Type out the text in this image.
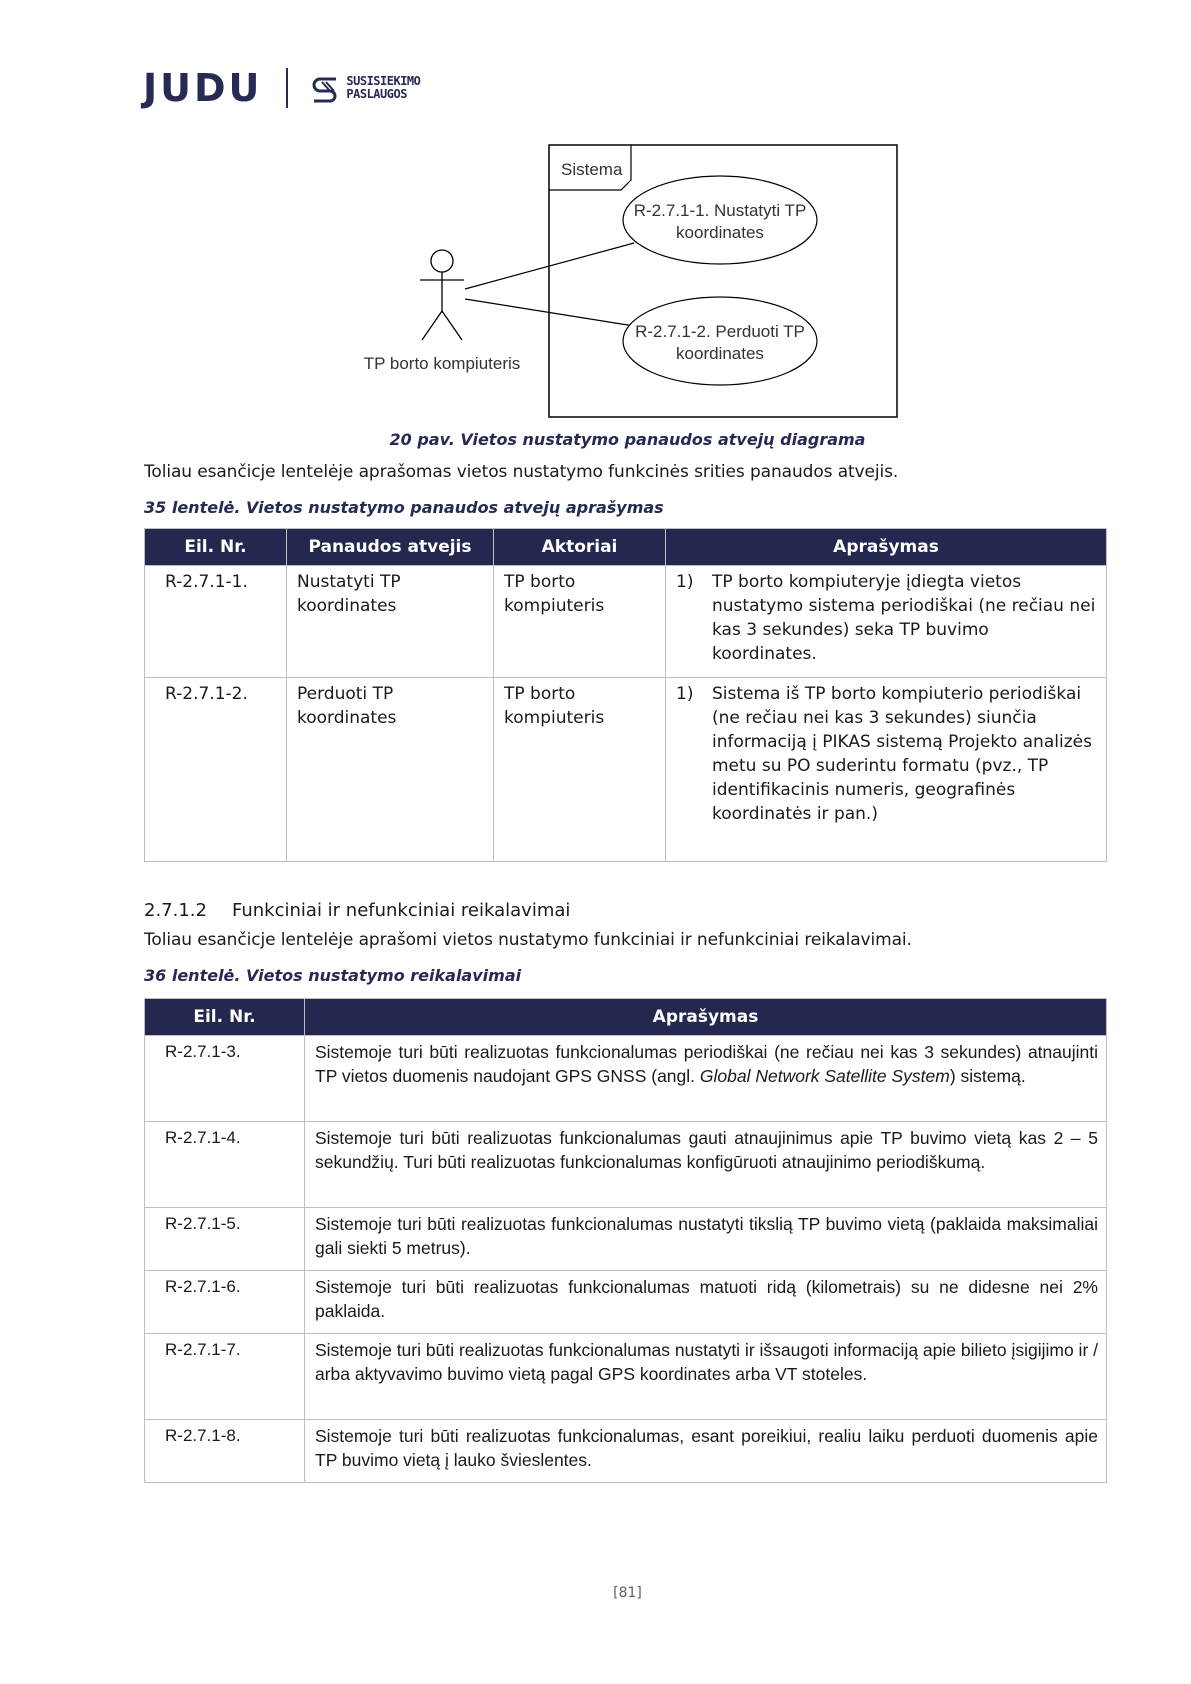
JUDU	SUSISIEKIMO
PASLAUGOS
Sistema
TP borto kompiuteris
R-2.7.1-1. Nustatyti TP
koordinates
R-2.7.1-2. Perduoti TP
koordinates
20 pav. Vietos nustatymo panaudos atvejų diagrama
Toliau esančicje lentelėje aprašomas vietos nustatymo funkcinės srities panaudos atvejis.
35 lentelė. Vietos nustatymo panaudos atvejų aprašymas
Eil. Nr.	Panaudos atvejis	Aktoriai	Aprašymas
R-2.7.1-1.	Nustatyti TP koordinates	TP borto kompiuteris	1) TP borto kompiuteryje įdiegta vietos nustatymo sistema periodiškai (ne rečiau nei kas 3 sekundes) seka TP buvimo koordinates.

R-2.7.1-2.	Perduoti TP koordinates	TP borto kompiuteris	1) Sistema iš TP borto kompiuterio periodiškai (ne rečiau nei kas 3 sekundes) siunčia informaciją į PIKAS sistemą Projekto analizės metu su PO suderintu formatu (pvz., TP identifikacinis numeris, geografinės koordinatės ir pan.)
2.7.1.2 Funkciniai ir nefunkciniai reikalavimai
Toliau esančicje lentelėje aprašomi vietos nustatymo funkciniai ir nefunkciniai reikalavimai.
36 lentelė. Vietos nustatymo reikalavimai
Eil. Nr.	Aprašymas
R-2.7.1-3.	Sistemoje turi būti realizuotas funkcionalumas periodiškai (ne rečiau nei kas 3 sekundes) atnaujinti TP vietos duomenis naudojant GPS GNSS (angl. Global Network Satellite System) sistemą.
R-2.7.1-4.	Sistemoje turi būti realizuotas funkcionalumas gauti atnaujinimus apie TP buvimo vietą kas 2 – 5 sekundžių. Turi būti realizuotas funkcionalumas konfigūruoti atnaujinimo periodiškumą.
R-2.7.1-5.	Sistemoje turi būti realizuotas funkcionalumas nustatyti tikslią TP buvimo vietą (paklaida maksimaliai gali siekti 5 metrus).
R-2.7.1-6.	Sistemoje turi būti realizuotas funkcionalumas matuoti ridą (kilometrais) su ne didesne nei 2% paklaida.
R-2.7.1-7.	Sistemoje turi būti realizuotas funkcionalumas nustatyti ir išsaugoti informaciją apie bilieto įsigijimo ir / arba aktyvavimo buvimo vietą pagal GPS koordinates arba VT stoteles.
R-2.7.1-8.	Sistemoje turi būti realizuotas funkcionalumas, esant poreikiui, realiu laiku perduoti duomenis apie TP buvimo vietą į lauko švieslentes.
[81]
